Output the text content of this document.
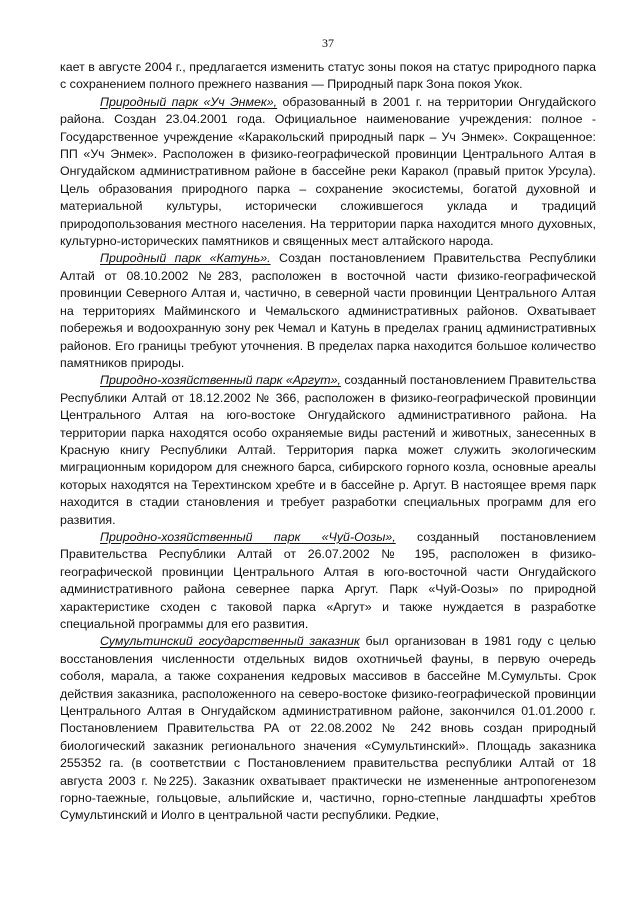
37

кает в августе 2004 г., предлагается изменить статус зоны покоя на статус природного парка с сохранением полного прежнего названия — Природный парк Зона покоя Укок.

Природный парк «Уч Энмек», образованный в 2001 г. на территории Онгудайского района. Создан 23.04.2001 года. Официальное наименование учреждения: полное - Государственное учреждение «Каракольский природный парк – Уч Энмек». Сокращенное: ПП «Уч Энмек». Расположен в физико-географической провинции Центрального Алтая в Онгудайском административном районе в бассейне реки Каракол (правый приток Урсула). Цель образования природного парка – сохранение экосистемы, богатой духовной и материальной культуры, исторически сложившегося уклада и традиций природопользования местного населения. На территории парка находится много духовных, культурно-исторических памятников и священных мест алтайского народа.

Природный парк «Катунь». Создан постановлением Правительства Республики Алтай от 08.10.2002 №283, расположен в восточной части физико-географической провинции Северного Алтая и, частично, в северной части провинции Центрального Алтая на территориях Майминского и Чемальского административных районов. Охватывает побережья и водоохранную зону рек Чемал и Катунь в пределах границ административных районов. Его границы требуют уточнения. В пределах парка находится большое количество памятников природы.

Природно-хозяйственный парк «Аргут», созданный постановлением Правительства Республики Алтай от 18.12.2002 № 366, расположен в физико-географической провинции Центрального Алтая на юго-востоке Онгудайского административного района. На территории парка находятся особо охраняемые виды растений и животных, занесенных в Красную книгу Республики Алтай. Территория парка может служить экологическим миграционным коридором для снежного барса, сибирского горного козла, основные ареалы которых находятся на Терехтинском хребте и в бассейне р. Аргут. В настоящее время парк находится в стадии становления и требует разработки специальных программ для его развития.

Природно-хозяйственный парк «Чуй-Оозы», созданный постановлением Правительства Республики Алтай от 26.07.2002 № 195, расположен в физико-географической провинции Центрального Алтая в юго-восточной части Онгудайского административного района севернее парка Аргут. Парк «Чуй-Оозы» по природной характеристике сходен с таковой парка «Аргут» и также нуждается в разработке специальной программы для его развития.

Сумультинский государственный заказник был организован в 1981 году с целью восстановления численности отдельных видов охотничьей фауны, в первую очередь соболя, марала, а также сохранения кедровых массивов в бассейне М.Сумульты. Срок действия заказника, расположенного на северо-востоке физико-географической провинции Центрального Алтая в Онгудайском административном районе, закончился 01.01.2000 г. Постановлением Правительства РА от 22.08.2002 № 242 вновь создан природный биологический заказник регионального значения «Сумультинский». Площадь заказника 255352 га. (в соответствии с Постановлением правительства республики Алтай от 18 августа 2003 г. №225). Заказник охватывает практически не измененные антропогенезом горно-таежные, гольцовые, альпийские и, частично, горно-степные ландшафты хребтов Сумультинский и Иолго в центральной части республики. Редкие,
